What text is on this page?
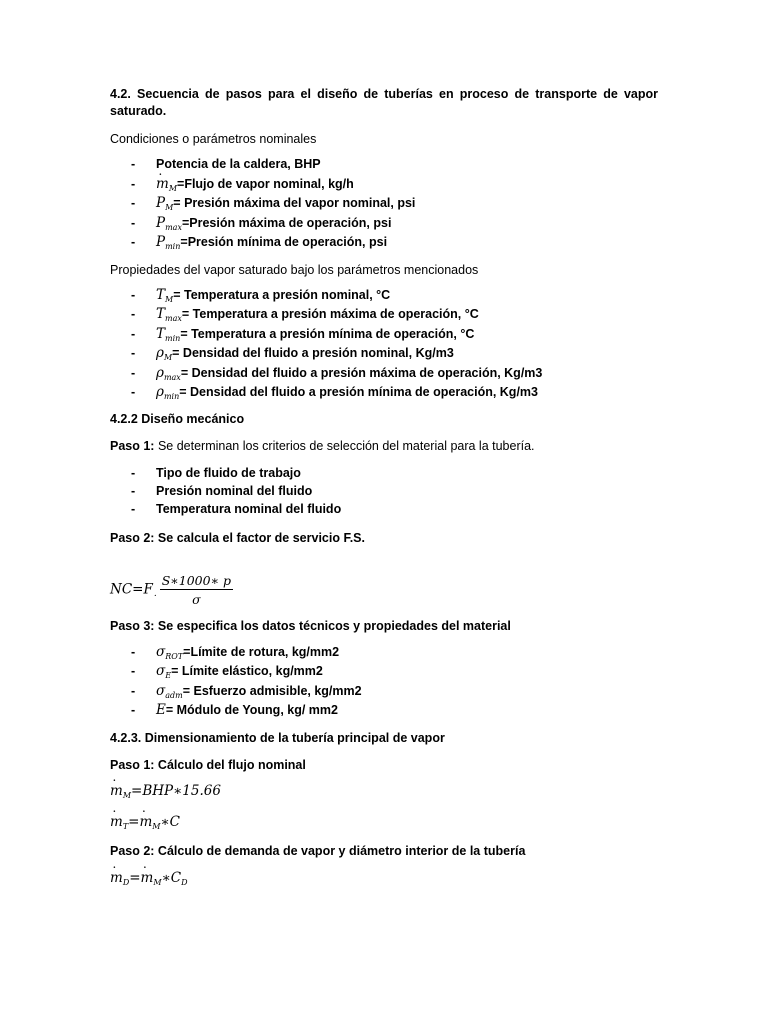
4.2. Secuencia de pasos para el diseño de tuberías en proceso de transporte de vapor saturado.

Condiciones o parámetros nominales

- Potencia de la caldera, BHP
-
˙ $m_M=Flujo$ de vapor nominal, kg/h
- $P_M=$ Presión máxima del vapor nominal, psi
- $P_{max}=Presión$ máxima de operación, psi
- $P_{min}=Presión$ mínima de operación, psi

Propiedades del vapor saturado bajo los parámetros mencionados

- $T_M=$ Temperatura a presión nominal, °C
- $T_{max}=$ Temperatura a presión máxima de operación, °C
- $T_{min}=$ Temperatura a presión mínima de operación, °C
- $\rho_M=$ Densidad del fluido a presión nominal, Kg/m3
- $\rho_{max}=$ Densidad del fluido a presión máxima de operación, Kg/m3
- $\rho_{min}=$ Densidad del fluido a presión mínima de operación, Kg/m3

4.2.2 Diseño mecánico

Paso 1: Se determinan los criterios de selección del material para la tubería.

- Tipo de fluido de trabajo
- Presión nominal del fluido
- Temperatura nominal del fluido

Paso 2: Se calcula el factor de servicio F.S.

$NC=F_. \frac{S∗1000∗ p}{\sigma}$

Paso 3: Se especifica los datos técnicos y propiedades del material

- $\sigma_{ROT}=Límite$ de rotura, kg/mm2
- $\sigma_E=$ Límite elástico, kg/mm2
- $\sigma_{adm}=$ Esfuerzo admisible, kg/mm2
- E= Módulo de Young, kg/ mm2

4.2.3. Dimensionamiento de la tubería principal de vapor

Paso 1: Cálculo del flujo nominal

˙ $m_M=BHP∗15.66$
˙ $m_T=˙$ $m_M∗C$

Paso 2: Cálculo de demanda de vapor y diámetro interior de la tubería

˙ $m_D=˙$ $m_M∗C_D$
